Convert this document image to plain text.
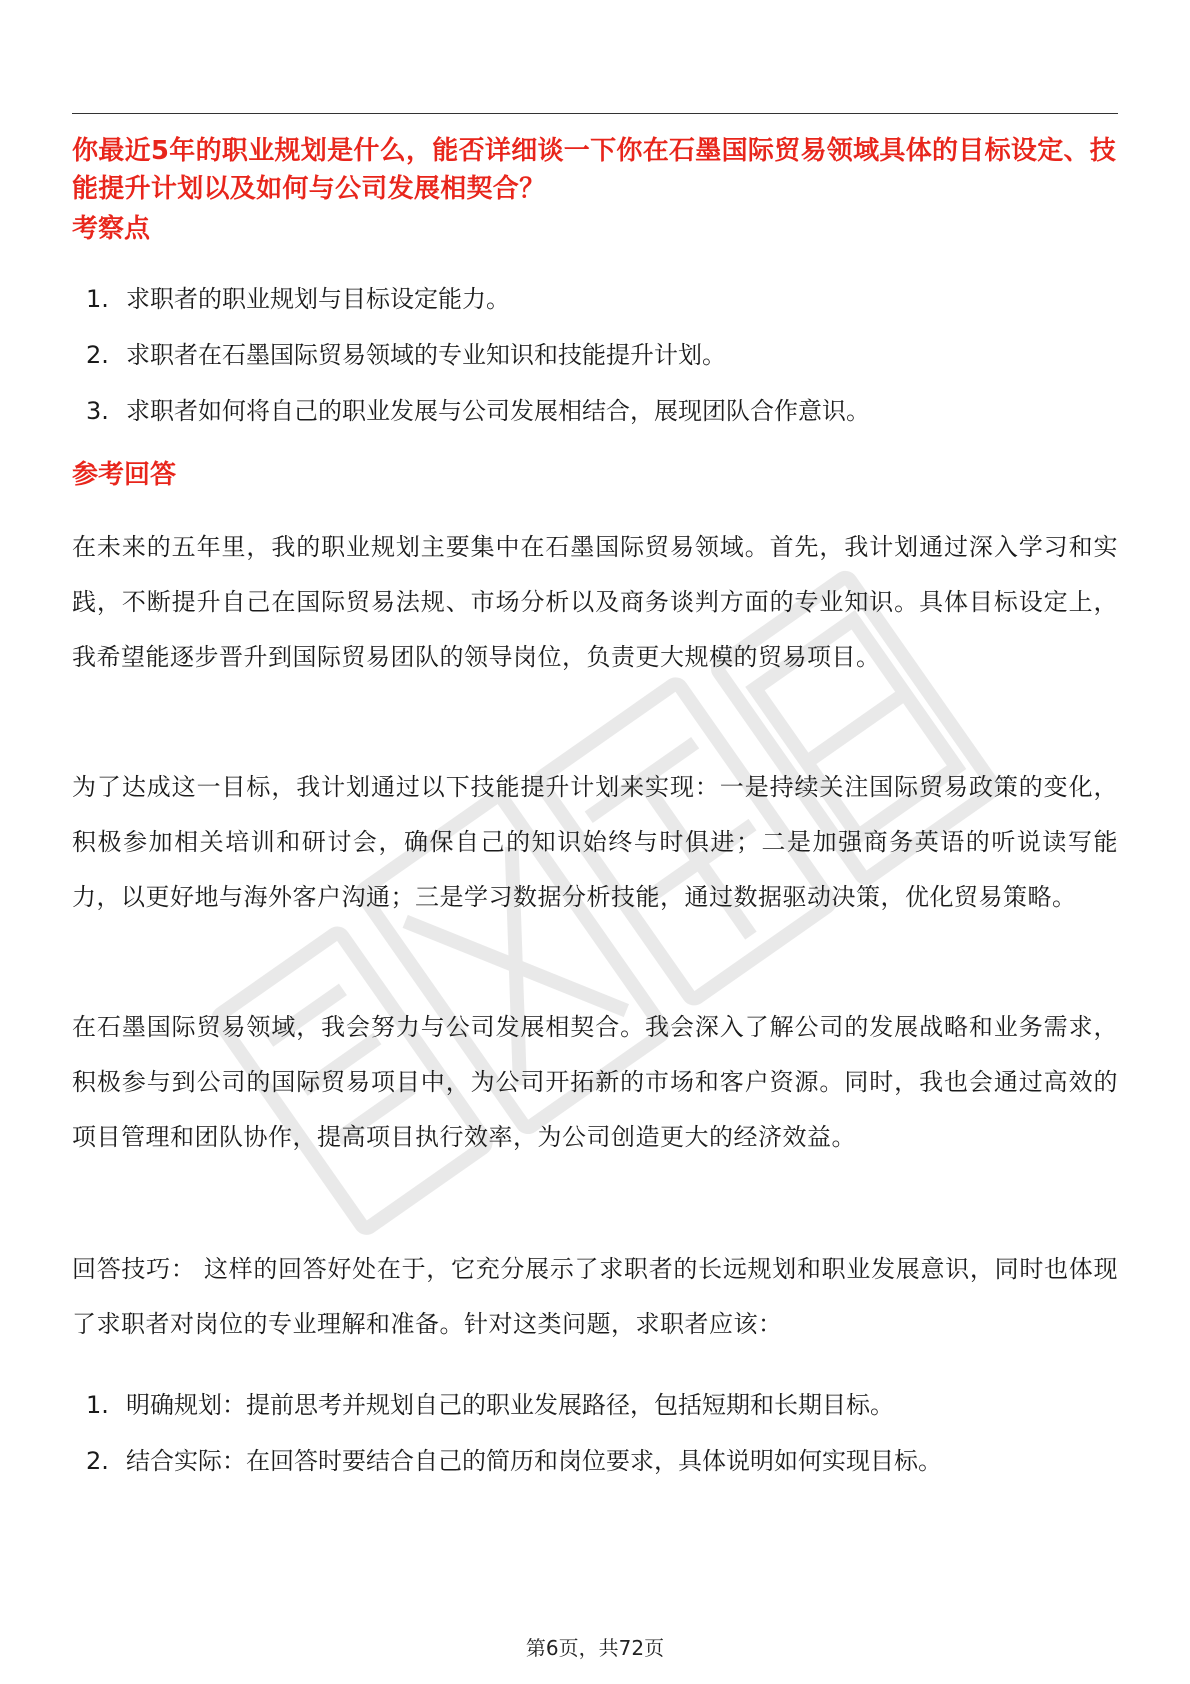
你最近5年的职业规划是什么，能否详细谈一下你在石墨国际贸易领域具体的目标设定、技能提升计划以及如何与公司发展相契合？
考察点
1. 求职者的职业规划与目标设定能力。
2. 求职者在石墨国际贸易领域的专业知识和技能提升计划。
3. 求职者如何将自己的职业发展与公司发展相结合，展现团队合作意识。
参考回答
在未来的五年里，我的职业规划主要集中在石墨国际贸易领域。首先，我计划通过深入学习和实践，不断提升自己在国际贸易法规、市场分析以及商务谈判方面的专业知识。具体目标设定上，我希望能逐步晋升到国际贸易团队的领导岗位，负责更大规模的贸易项目。
为了达成这一目标，我计划通过以下技能提升计划来实现：一是持续关注国际贸易政策的变化，积极参加相关培训和研讨会，确保自己的知识始终与时俱进；二是加强商务英语的听说读写能力，以更好地与海外客户沟通；三是学习数据分析技能，通过数据驱动决策，优化贸易策略。
在石墨国际贸易领域，我会努力与公司发展相契合。我会深入了解公司的发展战略和业务需求，积极参与到公司的国际贸易项目中，为公司开拓新的市场和客户资源。同时，我也会通过高效的项目管理和团队协作，提高项目执行效率，为公司创造更大的经济效益。
回答技巧： 这样的回答好处在于，它充分展示了求职者的长远规划和职业发展意识，同时也体现了求职者对岗位的专业理解和准备。针对这类问题，求职者应该：
1. 明确规划：提前思考并规划自己的职业发展路径，包括短期和长期目标。
2. 结合实际：在回答时要结合自己的简历和岗位要求，具体说明如何实现目标。
第6页，共72页
